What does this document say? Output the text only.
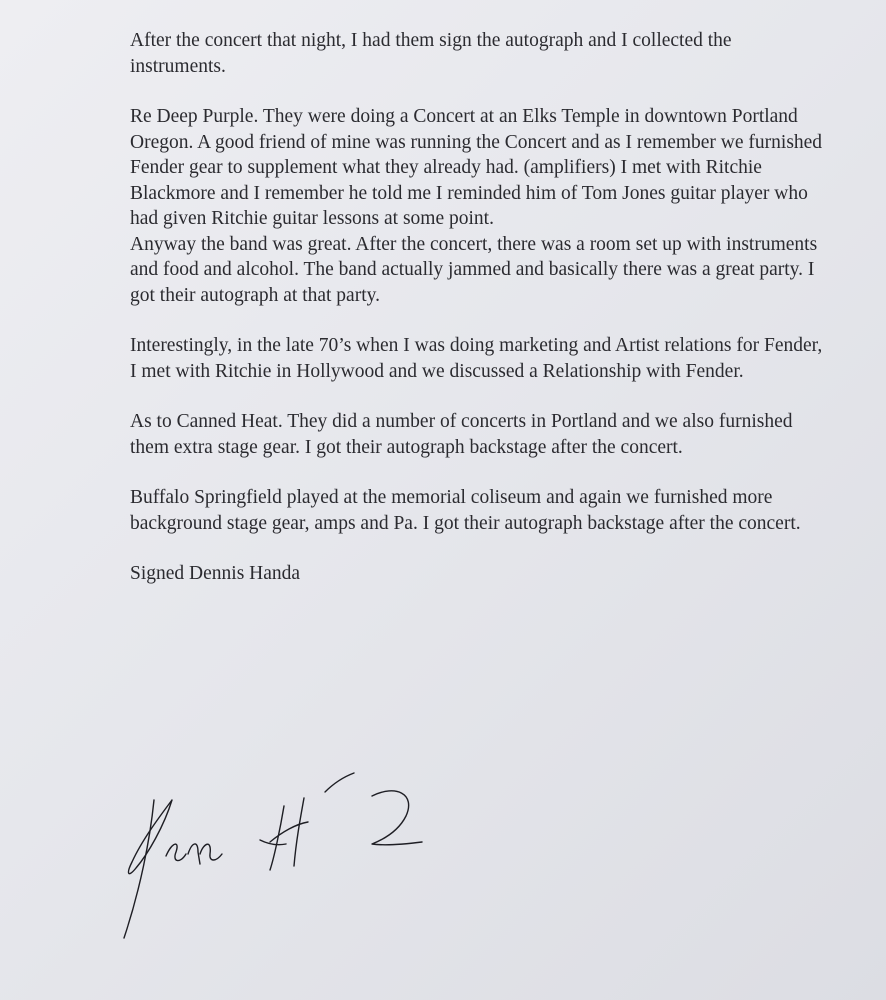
After the concert that night, I had them sign the autograph and I collected the instruments.

Re Deep Purple. They were doing a Concert at an Elks Temple in downtown Portland Oregon. A good friend of mine was running the Concert and as I remember we furnished Fender gear to supplement what they already had. (amplifiers) I met with Ritchie Blackmore and I remember he told me I reminded him of Tom Jones guitar player who had given Ritchie guitar lessons at some point.

Anyway the band was great. After the concert, there was a room set up with instruments and food and alcohol. The band actually jammed and basically there was a great party. I got their autograph at that party.

Interestingly, in the late 70’s when I was doing marketing and Artist relations for Fender, I met with Ritchie in Hollywood and we discussed a Relationship with Fender.

As to Canned Heat. They did a number of concerts in Portland and we also furnished them extra stage gear. I got their autograph backstage after the concert.

Buffalo Springfield played at the memorial coliseum and again we furnished more background stage gear, amps and Pa. I got their autograph backstage after the concert.

Signed Dennis Handa
